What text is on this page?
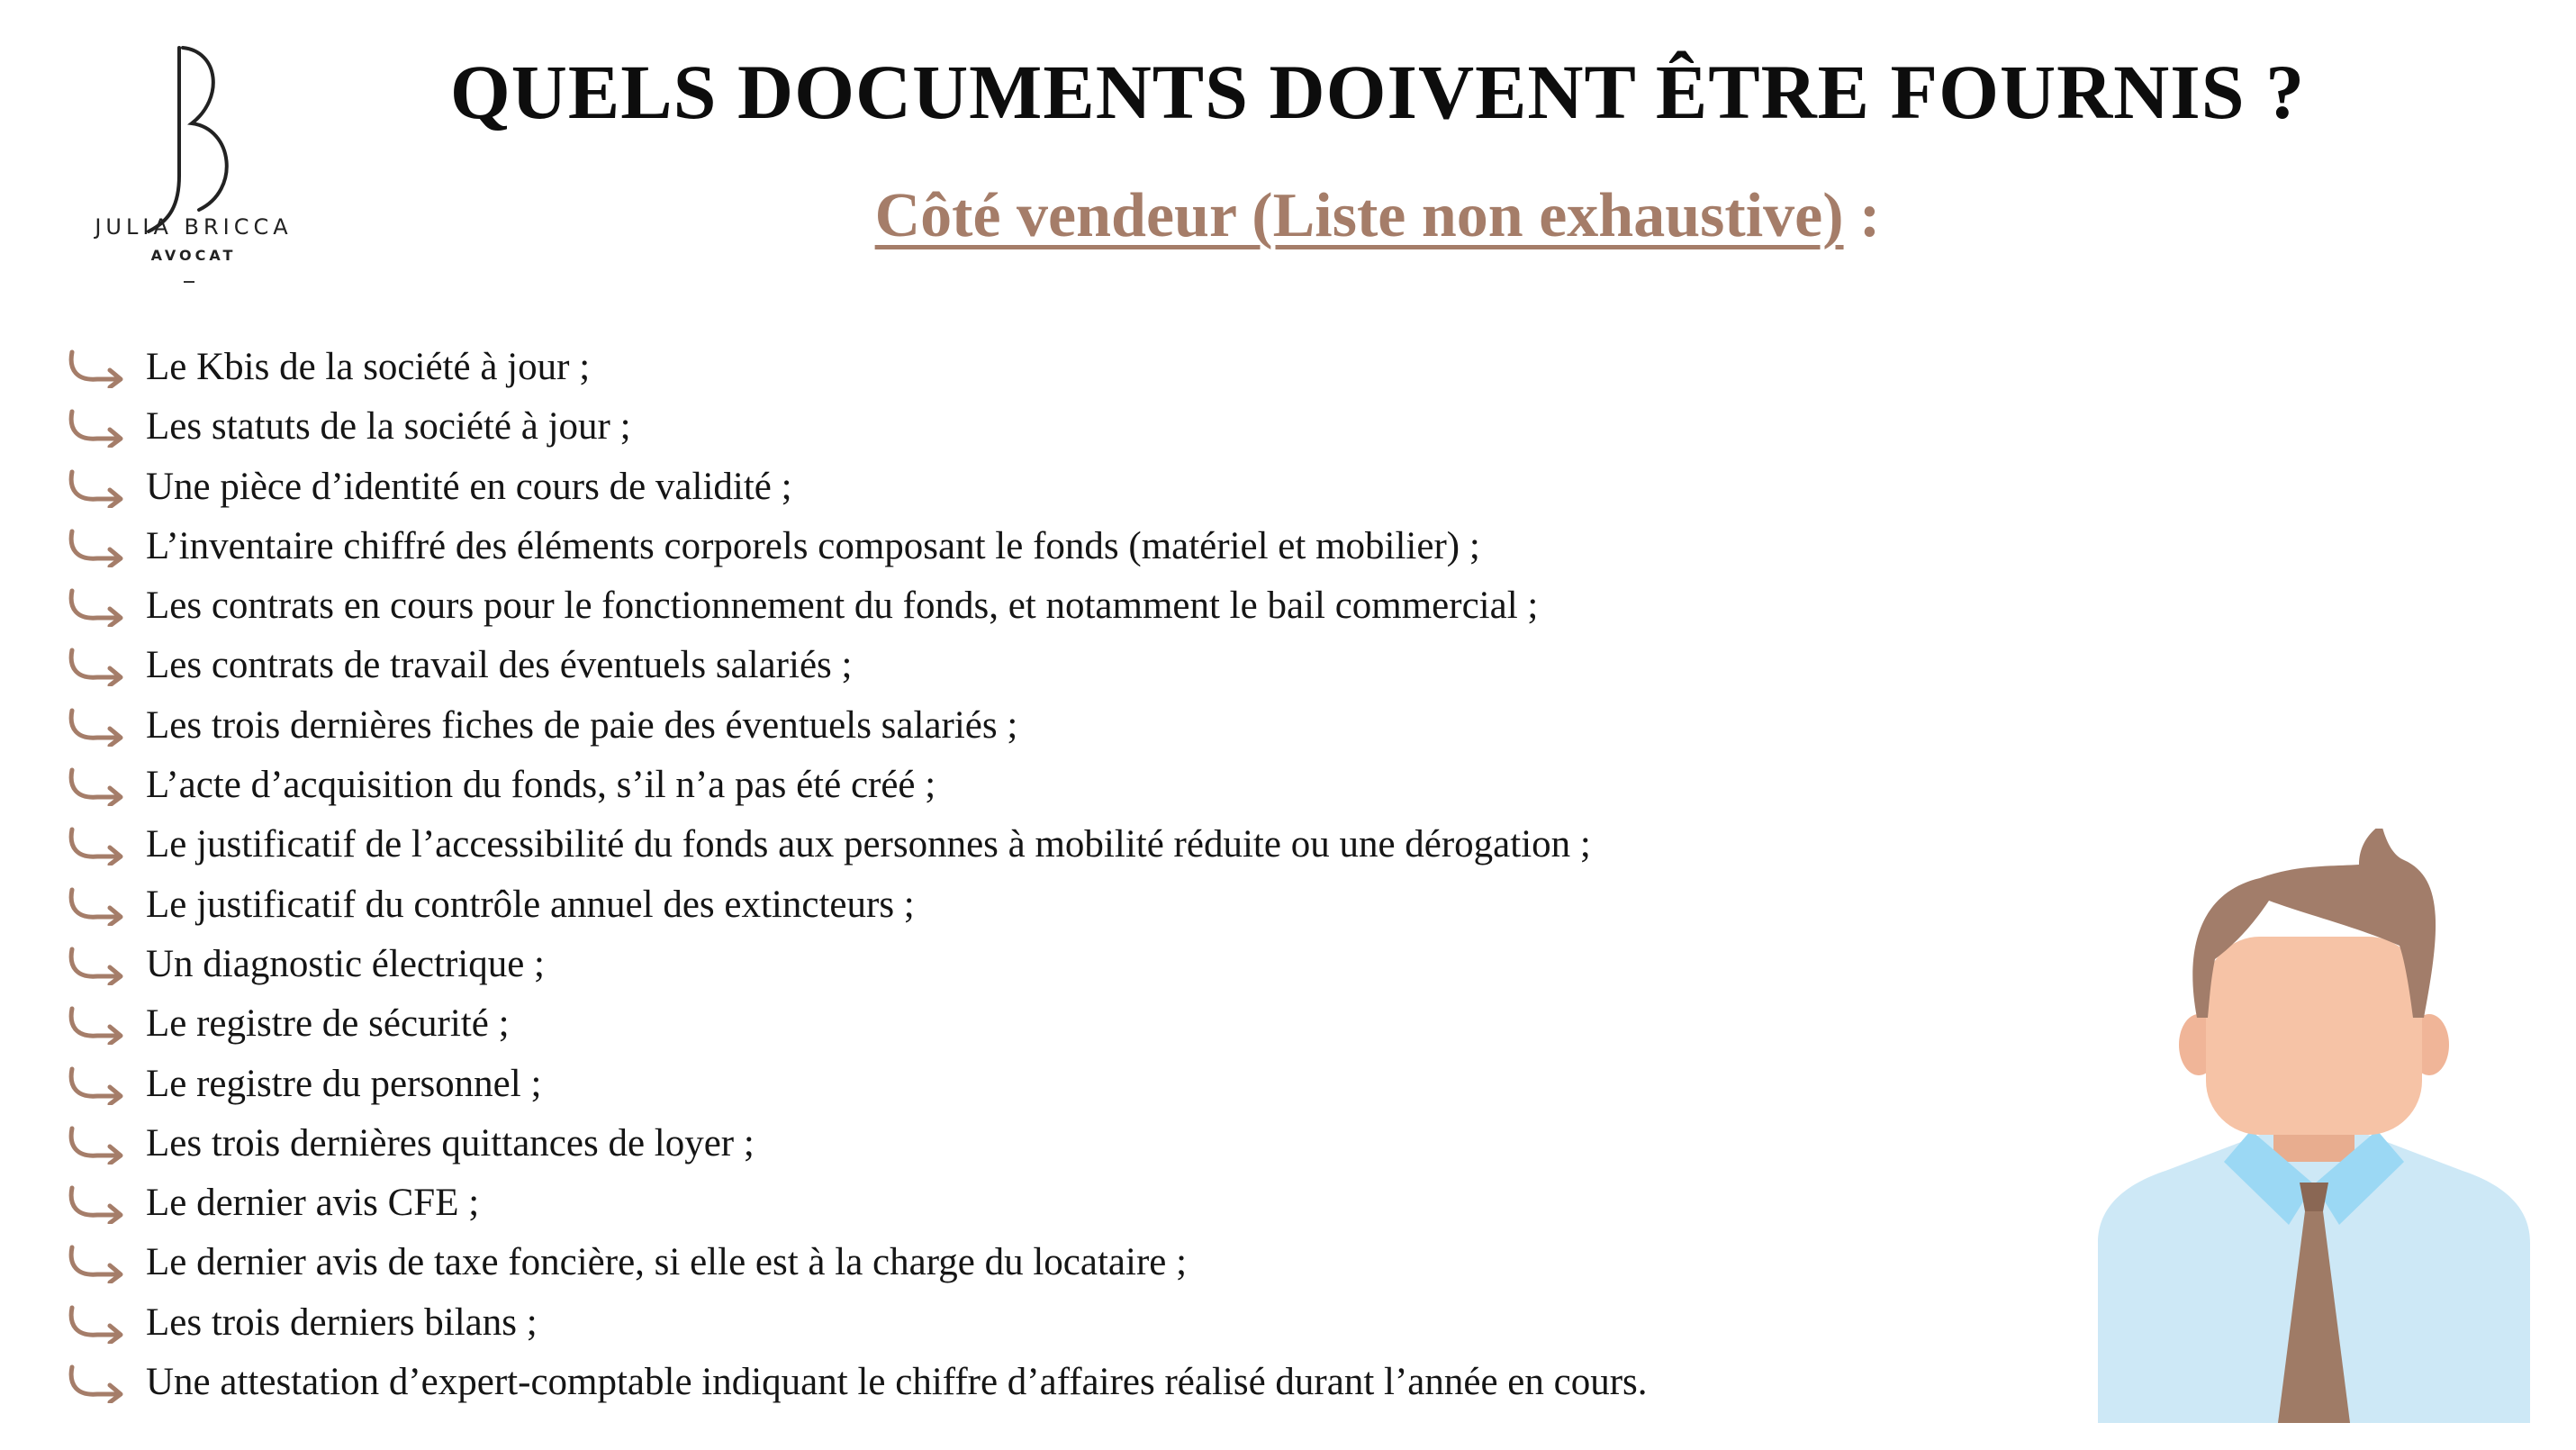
JULIA BRICCA
AVOCAT
QUELS DOCUMENTS DOIVENT ÊTRE FOURNIS ?
Côté vendeur (Liste non exhaustive) :
Le Kbis de la société à jour ;
Les statuts de la société à jour ;
Une pièce d’identité en cours de validité ;
L’inventaire chiffré des éléments corporels composant le fonds (matériel et mobilier) ;
Les contrats en cours pour le fonctionnement du fonds, et notamment le bail commercial ;
Les contrats de travail des éventuels salariés ;
Les trois dernières fiches de paie des éventuels salariés ;
L’acte d’acquisition du fonds, s’il n’a pas été créé ;
Le justificatif de l’accessibilité du fonds aux personnes à mobilité réduite ou une dérogation ;
Le justificatif du contrôle annuel des extincteurs ;
Un diagnostic électrique ;
Le registre de sécurité ;
Le registre du personnel ;
Les trois dernières quittances de loyer ;
Le dernier avis CFE ;
Le dernier avis de taxe foncière, si elle est à la charge du locataire ;
Les trois derniers bilans ;
Une attestation d’expert-comptable indiquant le chiffre d’affaires réalisé durant l’année en cours.
